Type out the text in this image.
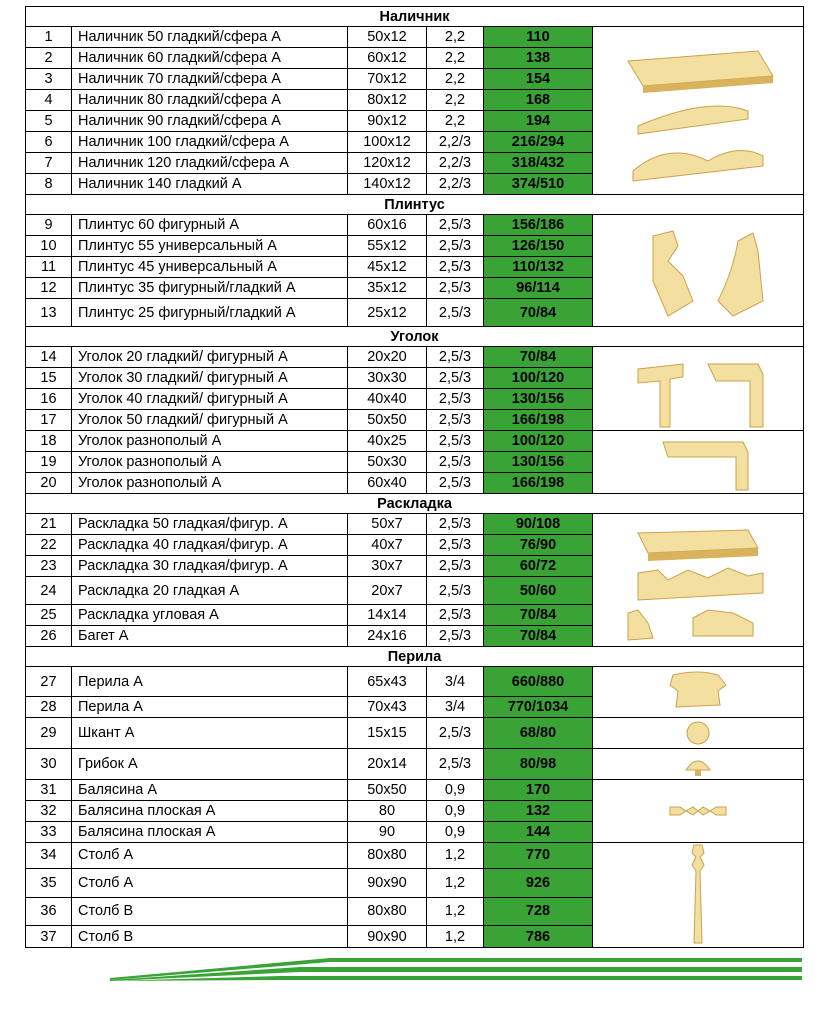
Наличник					
1	Наличник 50 гладкий/сфера А	50x12	2,2	110	

2	Наличник 60 гладкий/сфера А	60x12	2,2	138	
3	Наличник 70 гладкий/сфера А	70x12	2,2	154	
4	Наличник 80 гладкий/сфера А	80x12	2,2	168	
5	Наличник 90 гладкий/сфера А	90x12	2,2	194	
6	Наличник 100 гладкий/сфера А	100x12	2,2/3	216/294	
7	Наличник 120 гладкий/сфера А	120x12	2,2/3	318/432	
8	Наличник 140 гладкий А	140x12	2,2/3	374/510	
Плинтус					
9	Плинтус 60 фигурный А	60x16	2,5/3	156/186	

10	Плинтус 55 универсальный А	55x12	2,5/3	126/150	
11	Плинтус 45 универсальный А	45x12	2,5/3	110/132	
12	Плинтус 35 фигурный/гладкий А	35x12	2,5/3	96/114	
13	Плинтус 25 фигурный/гладкий А	25x12	2,5/3	70/84	
Уголок					
14	Уголок 20 гладкий/ фигурный А	20x20	2,5/3	70/84	

15	Уголок 30 гладкий/ фигурный А	30x30	2,5/3	100/120	
16	Уголок 40 гладкий/ фигурный А	40x40	2,5/3	130/156	
17	Уголок 50 гладкий/ фигурный А	50x50	2,5/3	166/198	
18	Уголок разнополый А	40x25	2,5/3	100/120	

19	Уголок разнополый А	50x30	2,5/3	130/156	
20	Уголок разнополый А	60x40	2,5/3	166/198	
Раскладка					
21	Раскладка 50 гладкая/фигур. А	50x7	2,5/3	90/108	

22	Раскладка 40 гладкая/фигур. А	40x7	2,5/3	76/90	
23	Раскладка 30 гладкая/фигур. А	30x7	2,5/3	60/72	
24	Раскладка 20 гладкая А	20x7	2,5/3	50/60	
25	Раскладка угловая А	14x14	2,5/3	70/84	
26	Багет А	24x16	2,5/3	70/84	
Перила					
27	Перила А	65x43	3/4	660/880	

28	Перила А	70x43	3/4	770/1034	
29	Шкант А	15x15	2,5/3	68/80	

30	Грибок А	20x14	2,5/3	80/98	

31	Балясина А	50x50	0,9	170	

32	Балясина плоская А	80	0,9	132	
33	Балясина плоская А	90	0,9	144	
34	Столб А	80x80	1,2	770	

35	Столб А	90x90	1,2	926	
36	Столб В	80x80	1,2	728	
37	Столб В	90x90	1,2	786	
